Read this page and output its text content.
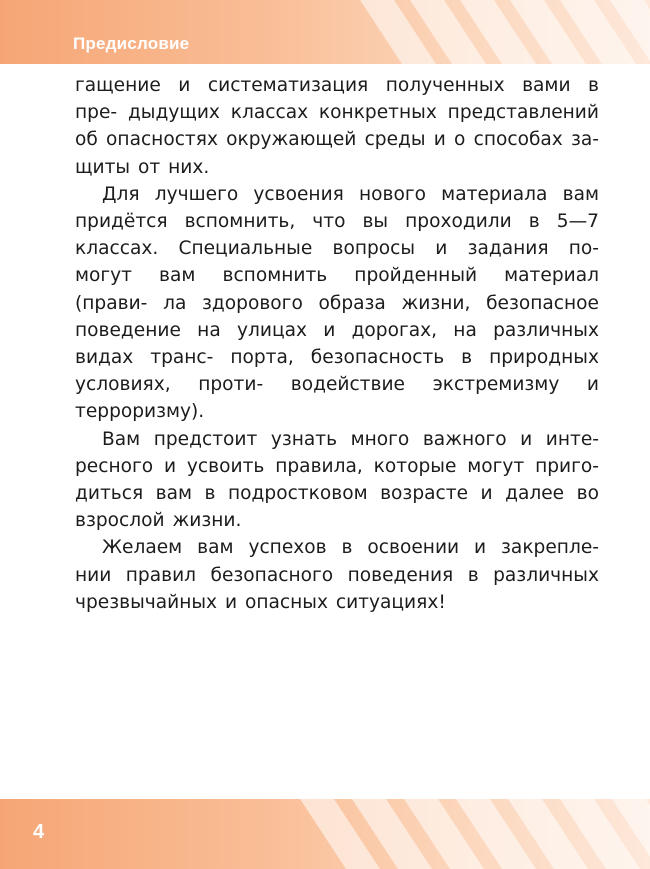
Предисловие

гащение и систематизация полученных вами в пре- дыдущих классах конкретных представлений об опасностях окружающей среды и о способах за- щиты от них.

Для лучшего усвоения нового материала вам придётся вспомнить, что вы проходили в 5—7 классах. Специальные вопросы и задания по- могут вам вспомнить пройденный материал (прави- ла здорового образа жизни, безопасное поведение на улицах и дорогах, на различных видах транс- порта, безопасность в природных условиях, проти- водействие экстремизму и терроризму).

Вам предстоит узнать много важного и инте- ресного и усвоить правила, которые могут приго- диться вам в подростковом возрасте и далее во взрослой жизни.

Желаем вам успехов в освоении и закрепле- нии правил безопасного поведения в различных чрезвычайных и опасных ситуациях!

4
